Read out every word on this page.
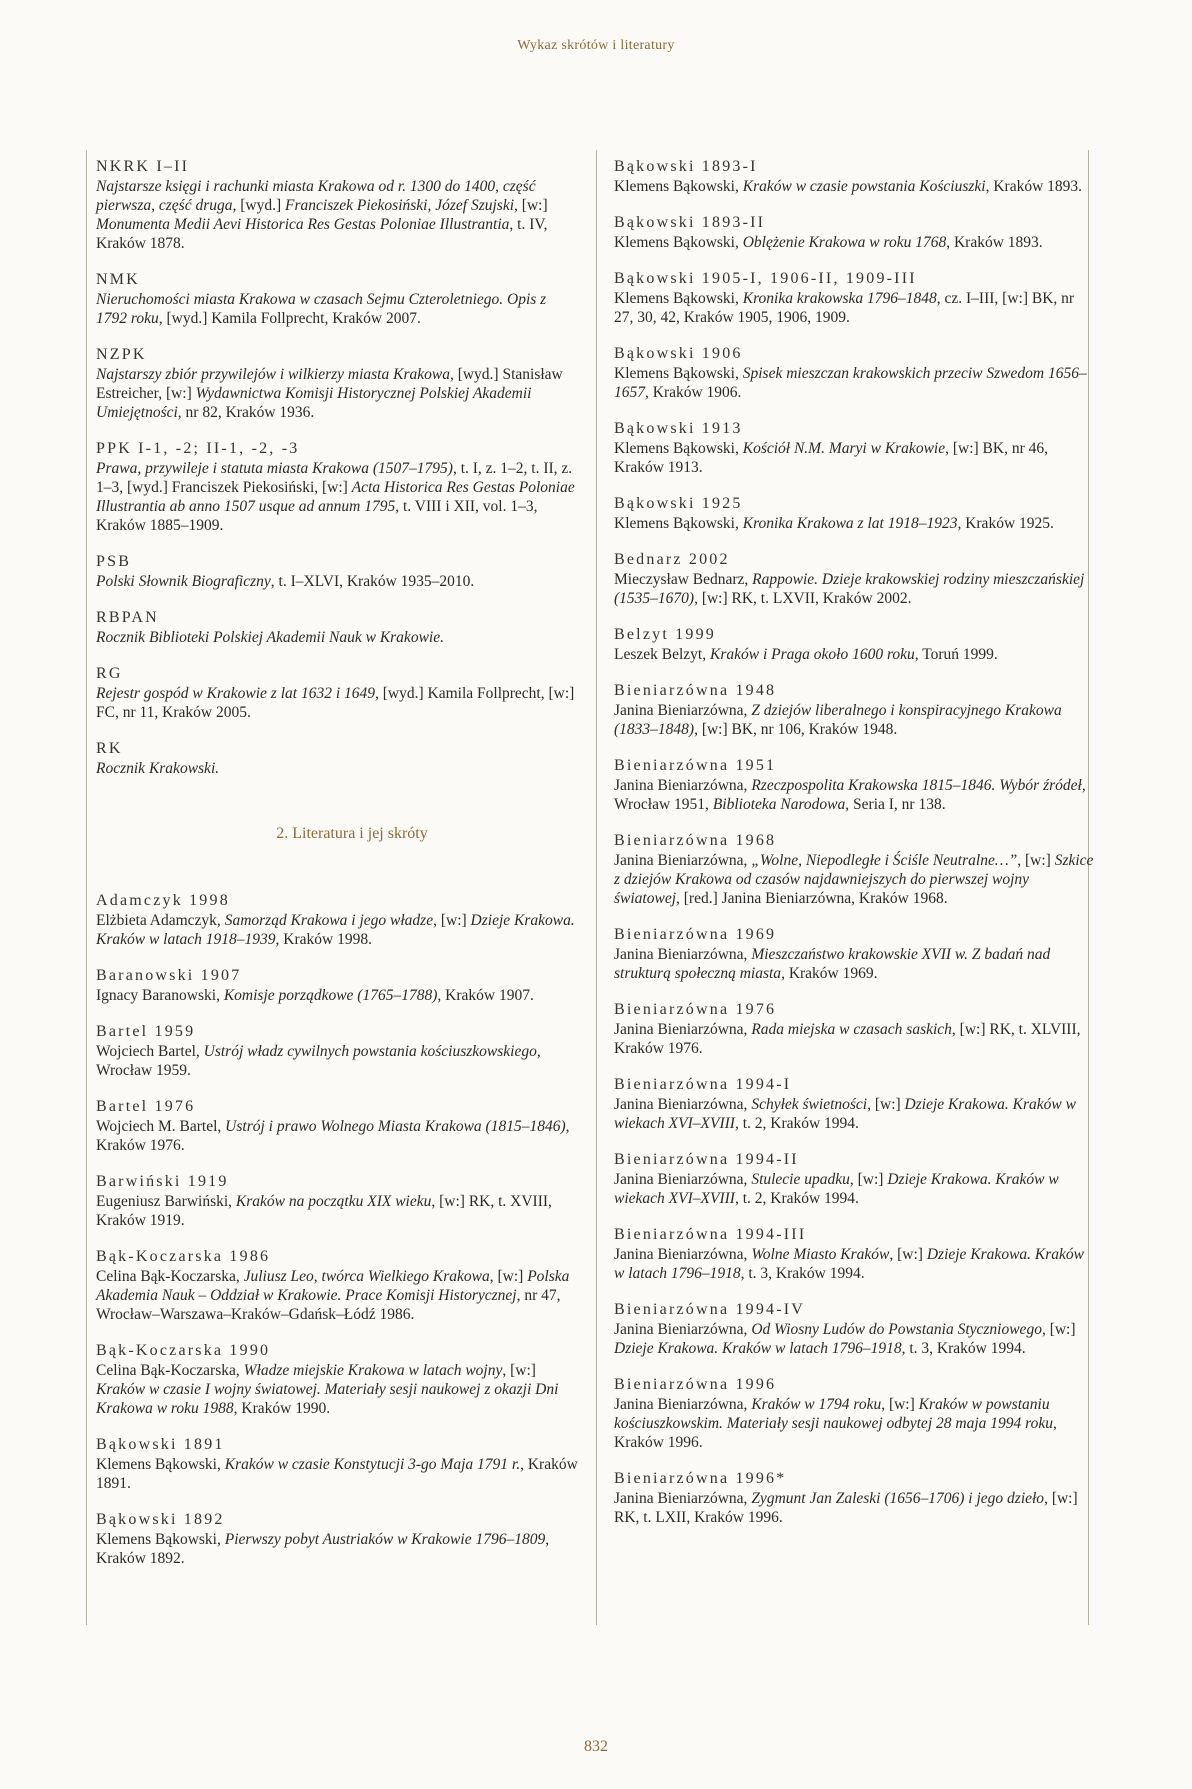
Wykaz skrótów i literatury
NKRK I–II
Najstarsze księgi i rachunki miasta Krakowa od r. 1300 do 1400, część pierwsza, część druga, [wyd.] Franciszek Piekosiński, Józef Szujski, [w:] Monumenta Medii Aevi Historica Res Gestas Poloniae Illustrantia, t. IV, Kraków 1878.
NMK
Nieruchomości miasta Krakowa w czasach Sejmu Czteroletniego. Opis z 1792 roku, [wyd.] Kamila Follprecht, Kraków 2007.
NZPK
Najstarszy zbiór przywilejów i wilkierzy miasta Krakowa, [wyd.] Stanisław Estreicher, [w:] Wydawnictwa Komisji Historycznej Polskiej Akademii Umiejętności, nr 82, Kraków 1936.
PPK I-1, -2; II-1, -2, -3
Prawa, przywileje i statuta miasta Krakowa (1507–1795), t. I, z. 1–2, t. II, z. 1–3, [wyd.] Franciszek Piekosiński, [w:] Acta Historica Res Gestas Poloniae Illustrantia ab anno 1507 usque ad annum 1795, t. VIII i XII, vol. 1–3, Kraków 1885–1909.
PSB
Polski Słownik Biograficzny, t. I–XLVI, Kraków 1935–2010.
RBPAN
Rocznik Biblioteki Polskiej Akademii Nauk w Krakowie.
RG
Rejestr gospód w Krakowie z lat 1632 i 1649, [wyd.] Kamila Follprecht, [w:] FC, nr 11, Kraków 2005.
RK
Rocznik Krakowski.
2. Literatura i jej skróty
Adamczyk 1998
Elżbieta Adamczyk, Samorząd Krakowa i jego władze, [w:] Dzieje Krakowa. Kraków w latach 1918–1939, Kraków 1998.
Baranowski 1907
Ignacy Baranowski, Komisje porządkowe (1765–1788), Kraków 1907.
Bartel 1959
Wojciech Bartel, Ustrój władz cywilnych powstania kościuszkowskiego, Wrocław 1959.
Bartel 1976
Wojciech M. Bartel, Ustrój i prawo Wolnego Miasta Krakowa (1815–1846), Kraków 1976.
Barwiński 1919
Eugeniusz Barwiński, Kraków na początku XIX wieku, [w:] RK, t. XVIII, Kraków 1919.
Bąk-Koczarska 1986
Celina Bąk-Koczarska, Juliusz Leo, twórca Wielkiego Krakowa, [w:] Polska Akademia Nauk – Oddział w Krakowie. Prace Komisji Historycznej, nr 47, Wrocław–Warszawa–Kraków–Gdańsk–Łódź 1986.
Bąk-Koczarska 1990
Celina Bąk-Koczarska, Władze miejskie Krakowa w latach wojny, [w:] Kraków w czasie I wojny światowej. Materiały sesji naukowej z okazji Dni Krakowa w roku 1988, Kraków 1990.
Bąkowski 1891
Klemens Bąkowski, Kraków w czasie Konstytucji 3-go Maja 1791 r., Kraków 1891.
Bąkowski 1892
Klemens Bąkowski, Pierwszy pobyt Austriaków w Krakowie 1796–1809, Kraków 1892.
Bąkowski 1893-I
Klemens Bąkowski, Kraków w czasie powstania Kościuszki, Kraków 1893.
Bąkowski 1893-II
Klemens Bąkowski, Oblężenie Krakowa w roku 1768, Kraków 1893.
Bąkowski 1905-I, 1906-II, 1909-III
Klemens Bąkowski, Kronika krakowska 1796–1848, cz. I–III, [w:] BK, nr 27, 30, 42, Kraków 1905, 1906, 1909.
Bąkowski 1906
Klemens Bąkowski, Spisek mieszczan krakowskich przeciw Szwedom 1656–1657, Kraków 1906.
Bąkowski 1913
Klemens Bąkowski, Kościół N.M. Maryi w Krakowie, [w:] BK, nr 46, Kraków 1913.
Bąkowski 1925
Klemens Bąkowski, Kronika Krakowa z lat 1918–1923, Kraków 1925.
Bednarz 2002
Mieczysław Bednarz, Rappowie. Dzieje krakowskiej rodziny mieszczańskiej (1535–1670), [w:] RK, t. LXVII, Kraków 2002.
Belzyt 1999
Leszek Belzyt, Kraków i Praga około 1600 roku, Toruń 1999.
Bieniarzówna 1948
Janina Bieniarzówna, Z dziejów liberalnego i konspiracyjnego Krakowa (1833–1848), [w:] BK, nr 106, Kraków 1948.
Bieniarzówna 1951
Janina Bieniarzówna, Rzeczpospolita Krakowska 1815–1846. Wybór źródeł, Wrocław 1951, Biblioteka Narodowa, Seria I, nr 138.
Bieniarzówna 1968
Janina Bieniarzówna, „Wolne, Niepodległe i Ściśle Neutralne…”, [w:] Szkice z dziejów Krakowa od czasów najdawniejszych do pierwszej wojny światowej, [red.] Janina Bieniarzówna, Kraków 1968.
Bieniarzówna 1969
Janina Bieniarzówna, Mieszczaństwo krakowskie XVII w. Z badań nad strukturą społeczną miasta, Kraków 1969.
Bieniarzówna 1976
Janina Bieniarzówna, Rada miejska w czasach saskich, [w:] RK, t. XLVIII, Kraków 1976.
Bieniarzówna 1994-I
Janina Bieniarzówna, Schyłek świetności, [w:] Dzieje Krakowa. Kraków w wiekach XVI–XVIII, t. 2, Kraków 1994.
Bieniarzówna 1994-II
Janina Bieniarzówna, Stulecie upadku, [w:] Dzieje Krakowa. Kraków w wiekach XVI–XVIII, t. 2, Kraków 1994.
Bieniarzówna 1994-III
Janina Bieniarzówna, Wolne Miasto Kraków, [w:] Dzieje Krakowa. Kraków w latach 1796–1918, t. 3, Kraków 1994.
Bieniarzówna 1994-IV
Janina Bieniarzówna, Od Wiosny Ludów do Powstania Styczniowego, [w:] Dzieje Krakowa. Kraków w latach 1796–1918, t. 3, Kraków 1994.
Bieniarzówna 1996
Janina Bieniarzówna, Kraków w 1794 roku, [w:] Kraków w powstaniu kościuszkowskim. Materiały sesji naukowej odbytej 28 maja 1994 roku, Kraków 1996.
Bieniarzówna 1996*
Janina Bieniarzówna, Zygmunt Jan Zaleski (1656–1706) i jego dzieło, [w:] RK, t. LXII, Kraków 1996.
832
